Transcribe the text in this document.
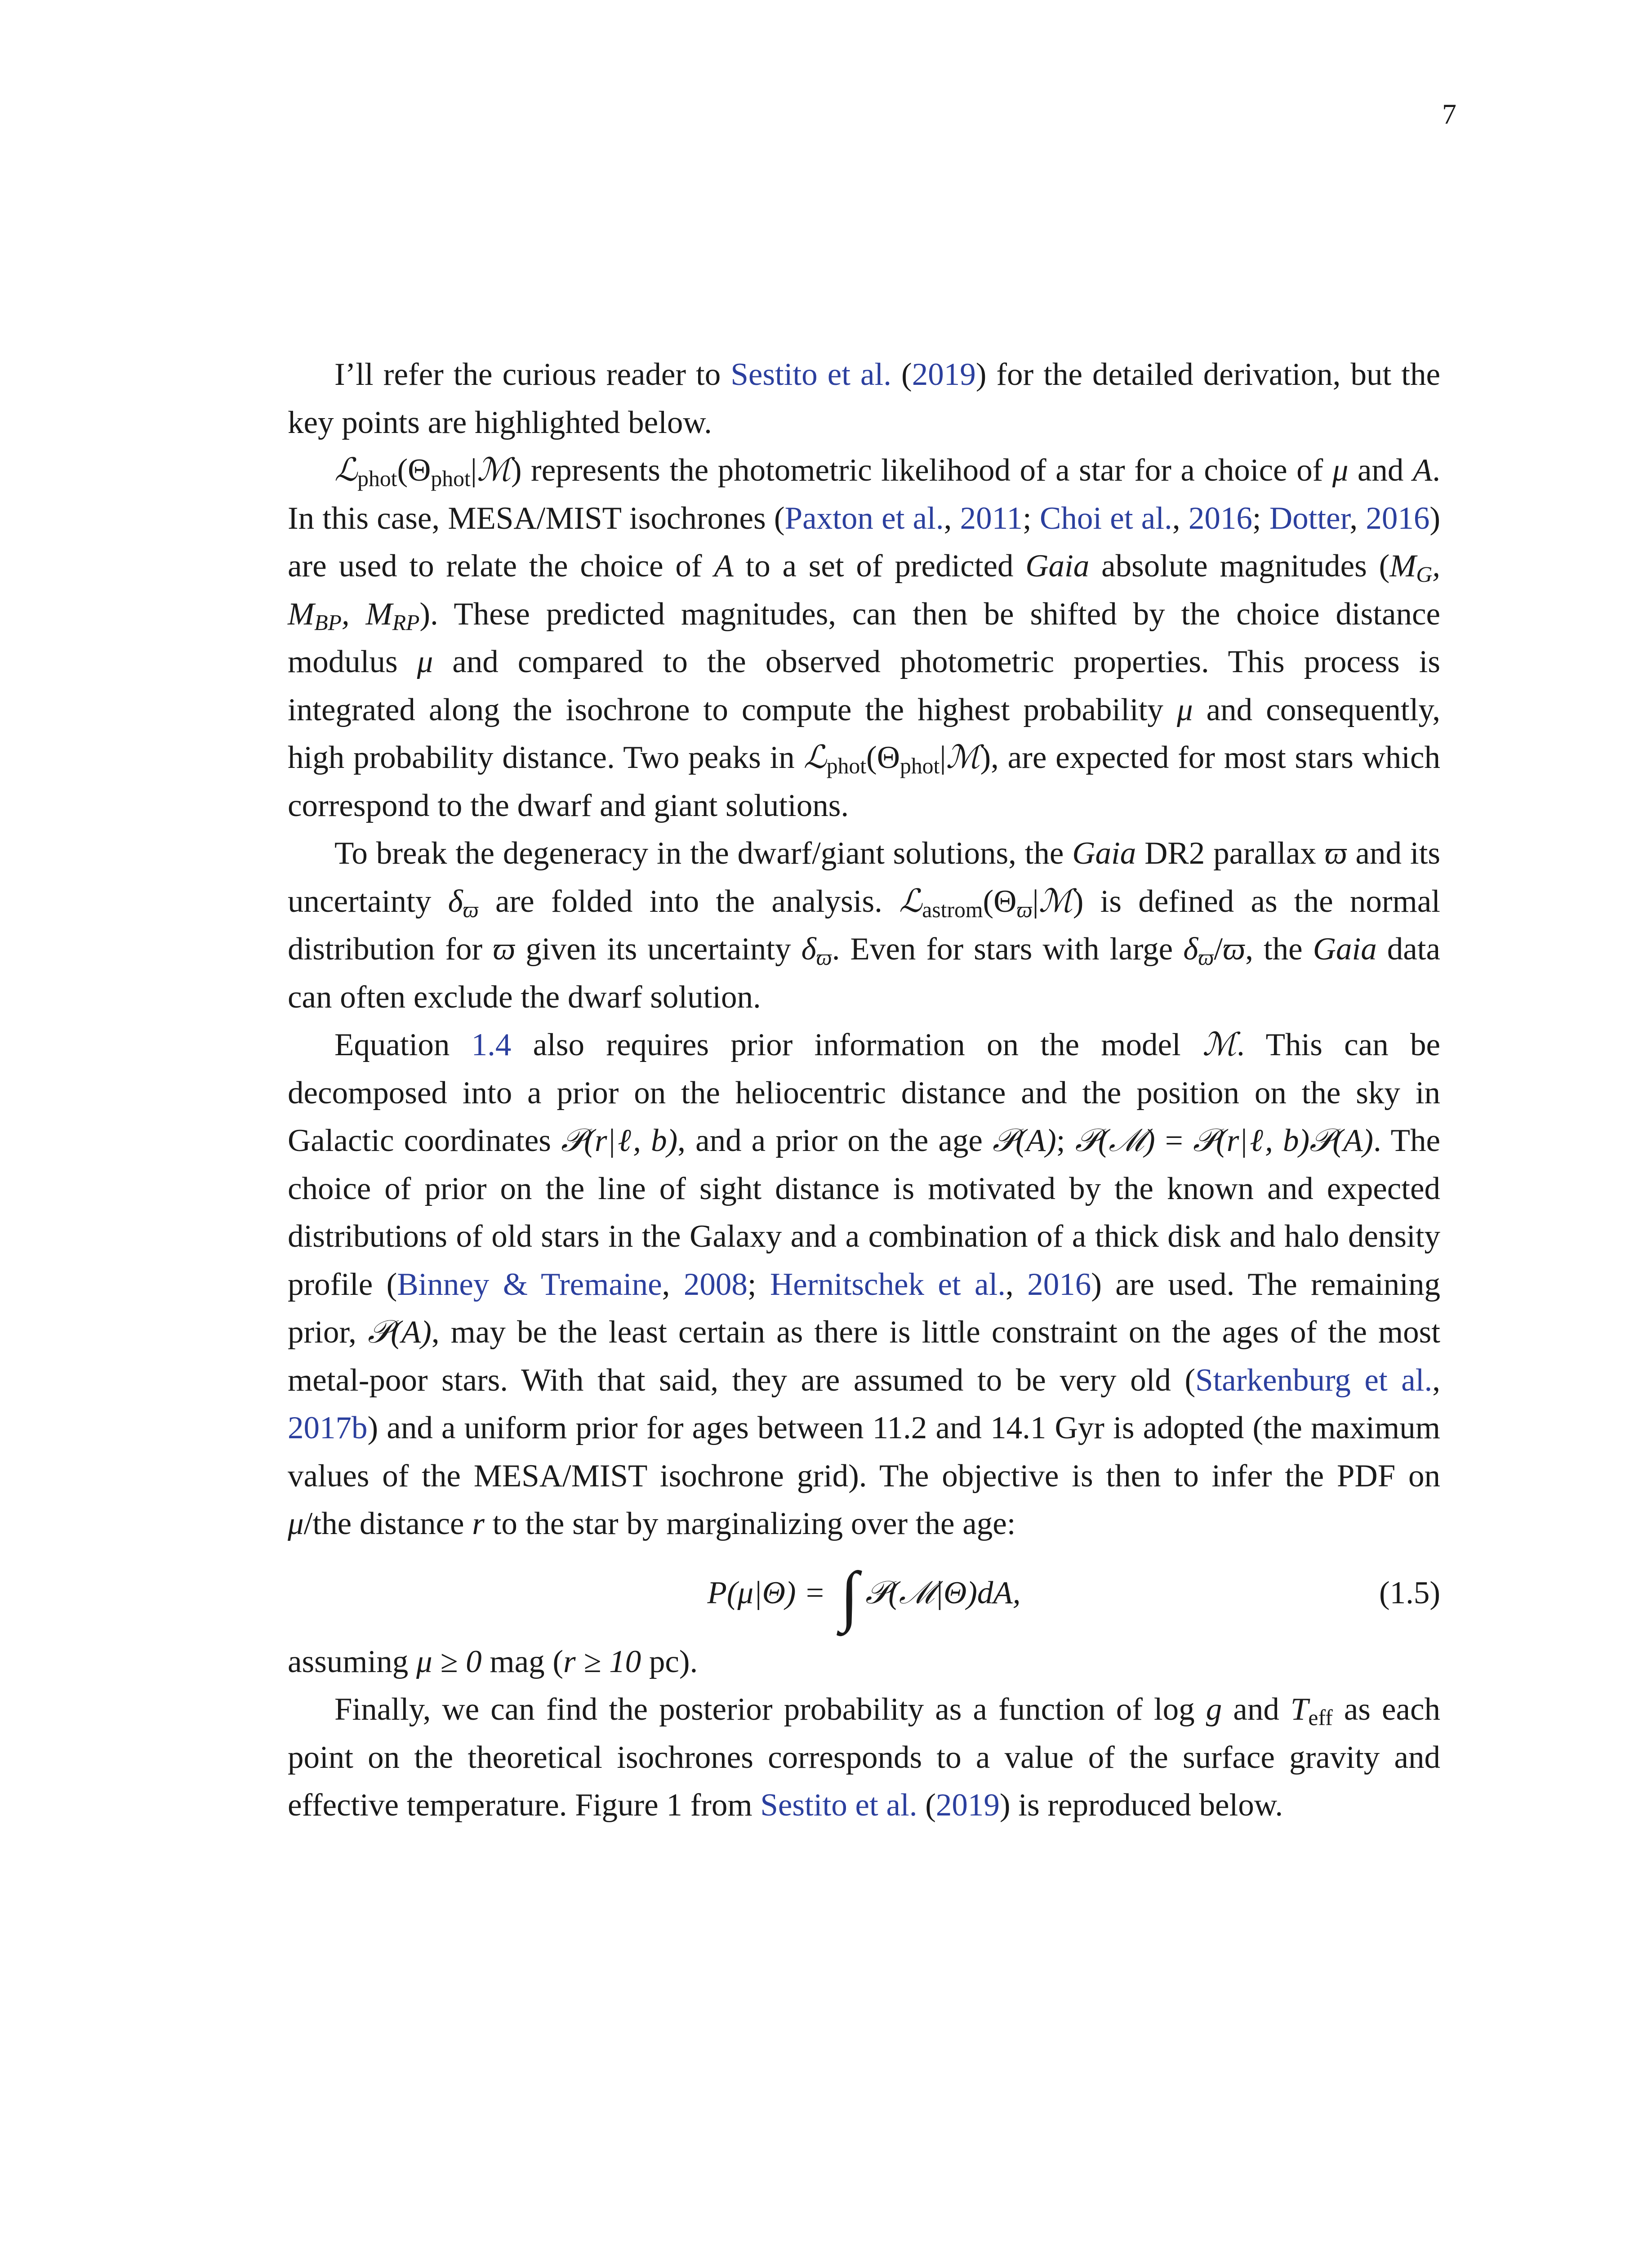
7

I’ll refer the curious reader to Sestito et al. (2019) for the detailed derivation, but the key points are highlighted below.

$ℒ_{phot}(\Theta_{phot}|ℳ)$ represents the photometric likelihood of a star for a choice of μ and A. In this case, MESA/MIST isochrones (Paxton et al., 2011; Choi et al., 2016; Dotter, 2016) are used to relate the choice of A to a set of predicted Gaia absolute magnitudes ($M_G$, $M_{BP}$, $M_{RP}$). These predicted magnitudes, can then be shifted by the choice distance modulus μ and compared to the observed photometric properties. This process is integrated along the isochrone to compute the highest probability μ and consequently, high probability distance. Two peaks in $ℒ_{phot}(\Theta_{phot}|ℳ)$, are expected for most stars which correspond to the dwarf and giant solutions.

To break the degeneracy in the dwarf/giant solutions, the Gaia DR2 parallax ϖ and its uncertainty $\delta_ϖ$ are folded into the analysis. $ℒ_{astrom}(\Theta_ϖ|ℳ)$ is defined as the normal distribution for ϖ given its uncertainty $\delta_ϖ$. Even for stars with large $\delta_ϖ/ϖ$, the Gaia data can often exclude the dwarf solution.

Equation 1.4 also requires prior information on the model ℳ. This can be decomposed into a prior on the heliocentric distance and the position on the sky in Galactic coordinates 𝒫(r|ℓ, b), and a prior on the age 𝒫(A); 𝒫(ℳ) = 𝒫(r|ℓ, b)𝒫(A). The choice of prior on the line of sight distance is motivated by the known and expected distributions of old stars in the Galaxy and a combination of a thick disk and halo density profile (Binney & Tremaine, 2008; Hernitschek et al., 2016) are used. The remaining prior, 𝒫(A), may be the least certain as there is little constraint on the ages of the most metal-poor stars. With that said, they are assumed to be very old (Starkenburg et al., 2017b) and a uniform prior for ages between 11.2 and 14.1 Gyr is adopted (the maximum values of the MESA/MIST isochrone grid). The objective is then to infer the PDF on μ/the distance r to the star by marginalizing over the age:

P(μ|Θ) = ∫ 𝒫(ℳ|Θ)dA,	(1.5)

assuming μ ≥ 0 mag (r ≥ 10 pc).

Finally, we can find the posterior probability as a function of log g and $T_{eff}$ as each point on the theoretical isochrones corresponds to a value of the surface gravity and effective temperature. Figure 1 from Sestito et al. (2019) is reproduced below.
